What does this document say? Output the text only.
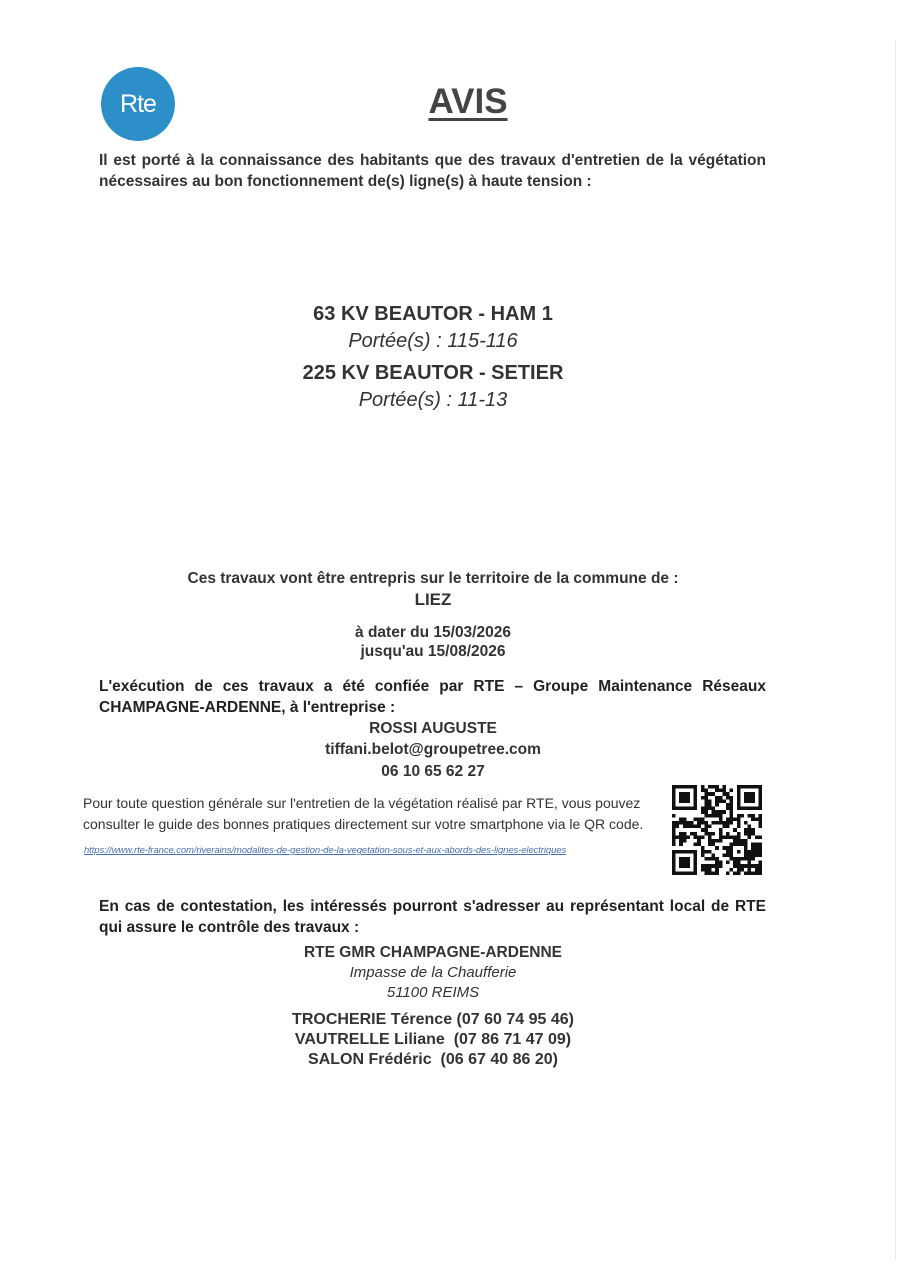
Rte	AVIS
Il est porté à la connaissance des habitants que des travaux d'entretien de la végétation nécessaires au bon fonctionnement de(s) ligne(s) à haute tension :
63 KV BEAUTOR - HAM 1
Portée(s) : 115-116
225 KV BEAUTOR - SETIER
Portée(s) : 11-13
Ces travaux vont être entrepris sur le territoire de la commune de :
LIEZ
à dater du 15/03/2026
jusqu'au 15/08/2026
L'exécution de ces travaux a été confiée par RTE – Groupe Maintenance Réseaux CHAMPAGNE-ARDENNE, à l'entreprise :
ROSSI AUGUSTE
tiffani.belot@groupetree.com
06 10 65 62 27
Pour toute question générale sur l'entretien de la végétation réalisé par RTE, vous pouvez consulter le guide des bonnes pratiques directement sur votre smartphone via le QR code.
https://www.rte-france.com/riverains/modalites-de-gestion-de-la-vegetation-sous-et-aux-abords-des-lignes-electriques
En cas de contestation, les intéressés pourront s'adresser au représentant local de RTE qui assure le contrôle des travaux :
RTE GMR CHAMPAGNE-ARDENNE
Impasse de la Chaufferie
51100 REIMS
TROCHERIE Térence (07 60 74 95 46)
VAUTRELLE Liliane  (07 86 71 47 09)
SALON Frédéric  (06 67 40 86 20)
